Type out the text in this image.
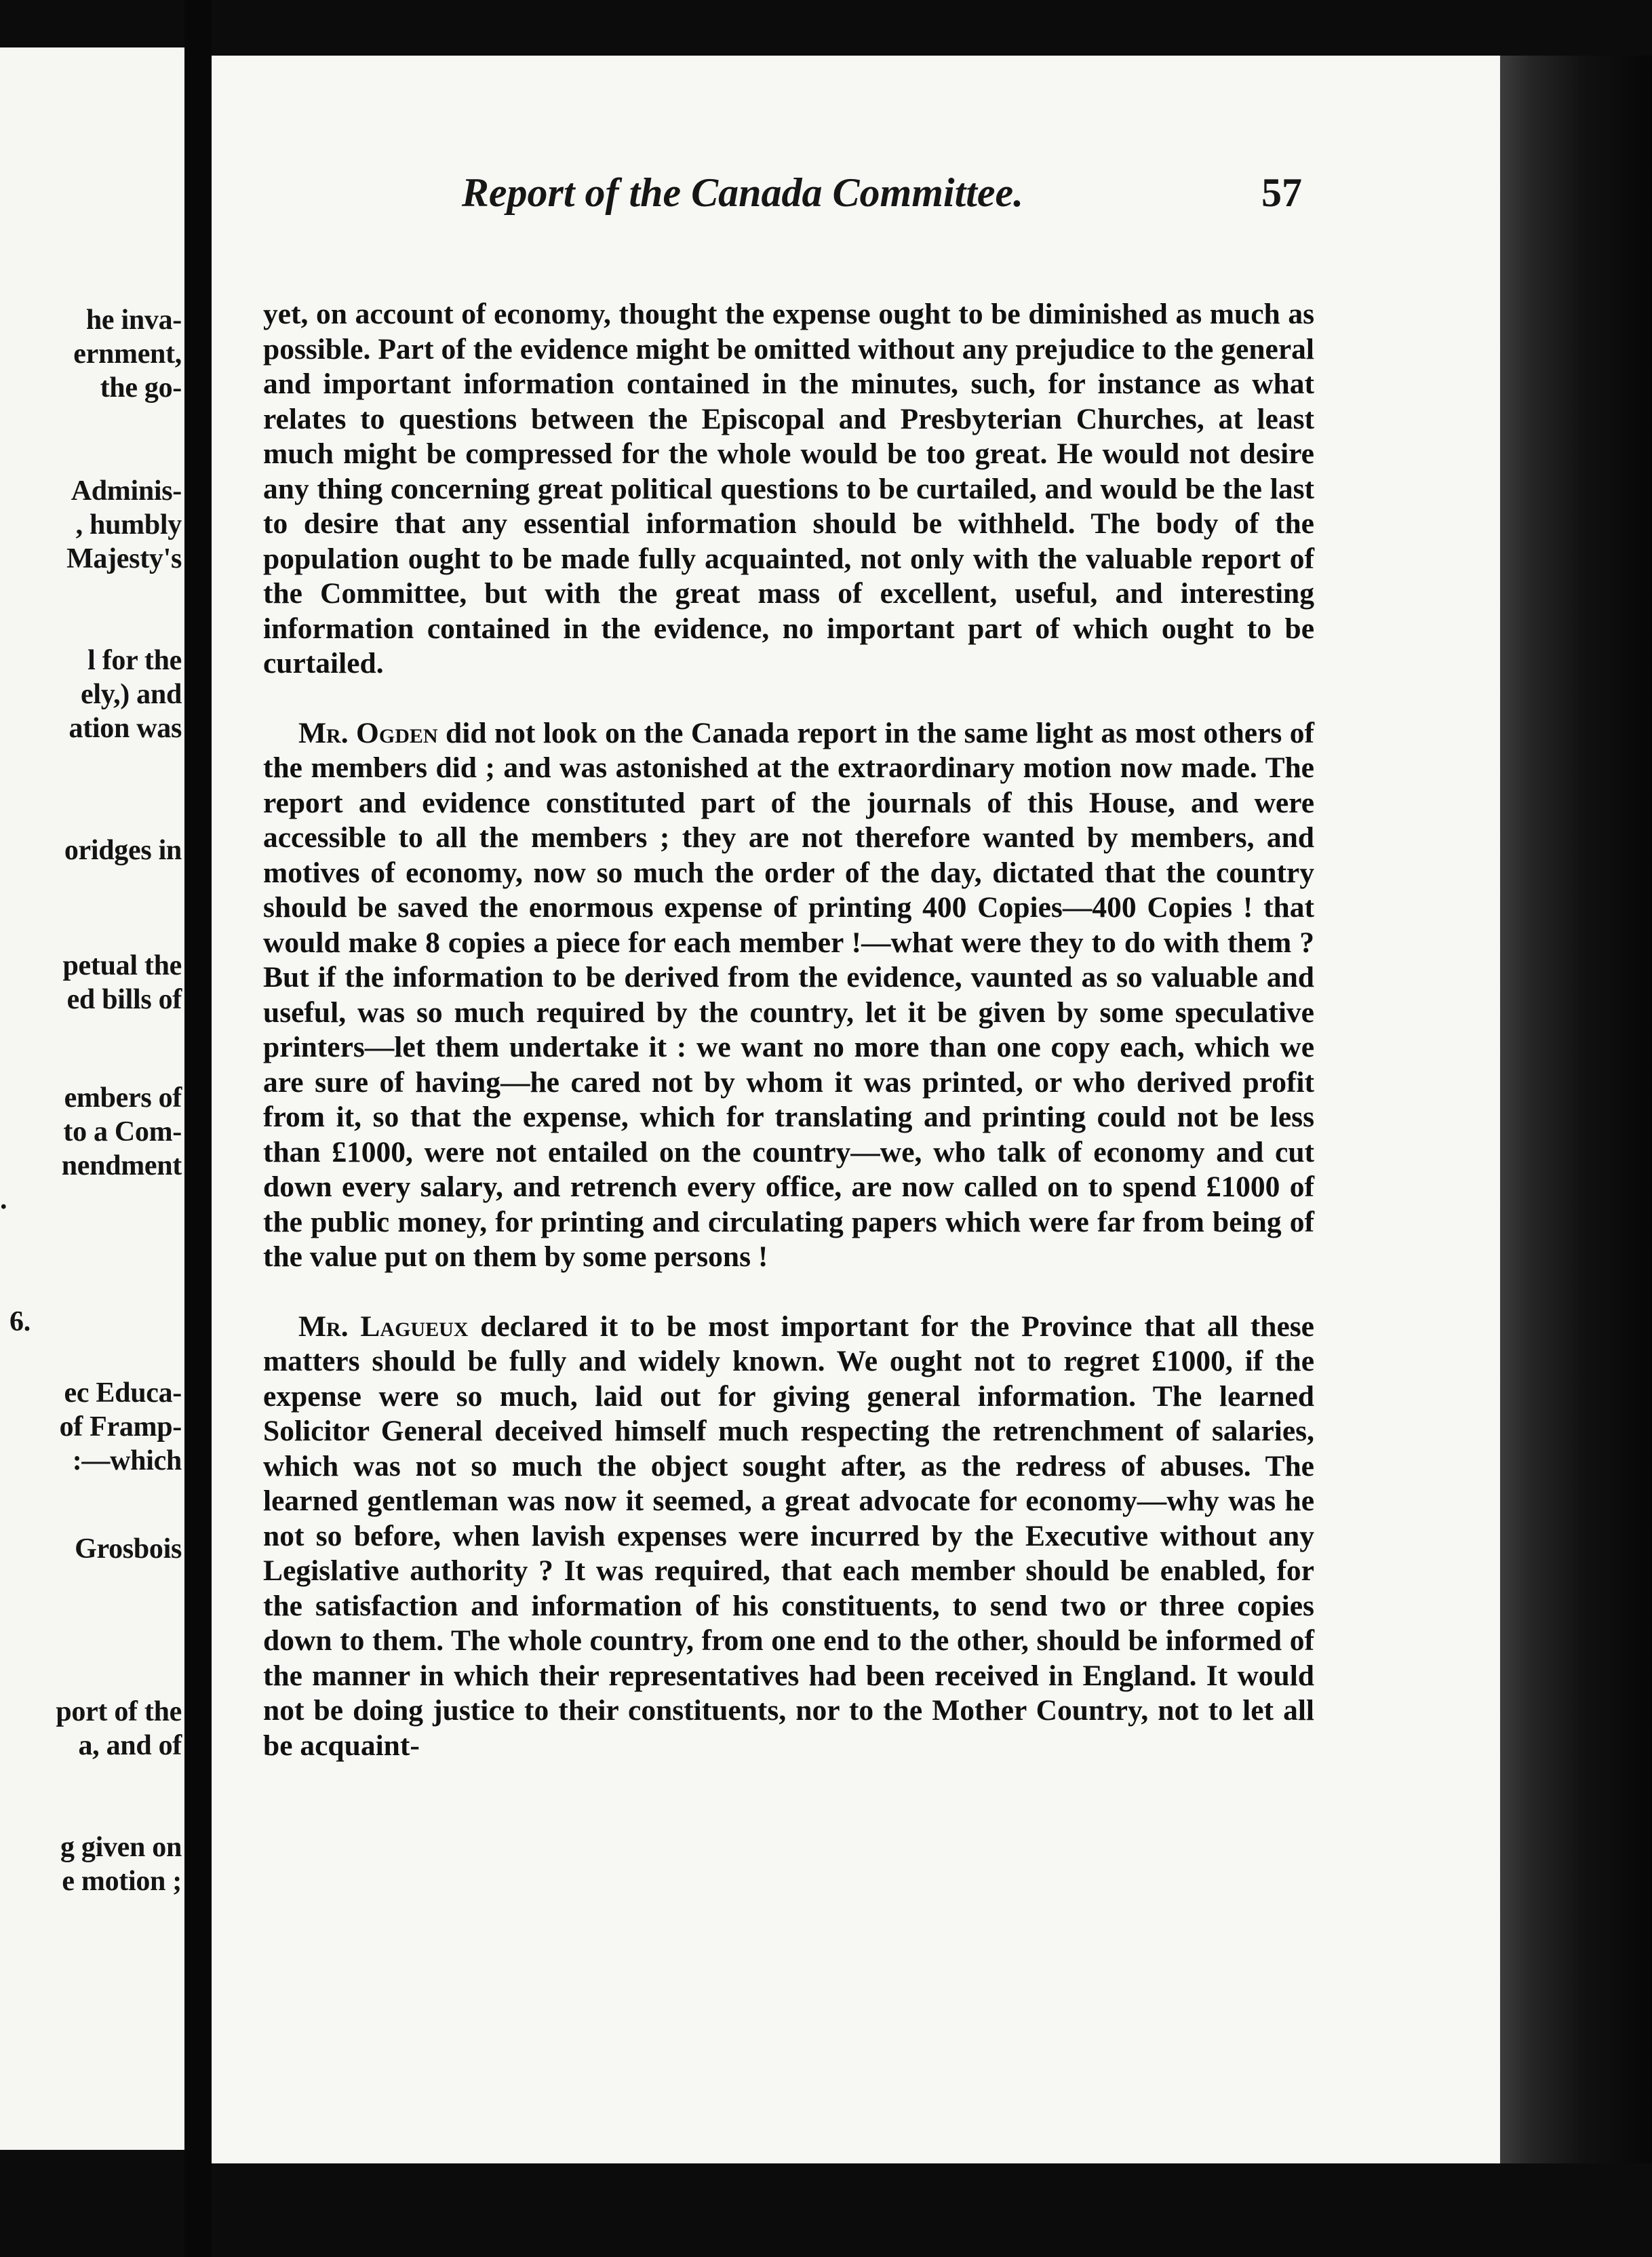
he inva-
ernment,
the go-
Adminis-
, humbly
Majesty's
l for the
ely,) and
ation was
oridges in
petual the
ed bills of
embers of
to a Com-
nendment
.
6.
ec Educa-
of Framp-
:—which
Grosbois
port of the
a, and of
g given on
e motion ;
Report of the Canada Committee.	57

yet, on account of economy, thought the expense ought to be diminished as much as possible. Part of the evidence might be omitted without any prejudice to the general and important information contained in the minutes, such, for instance as what relates to questions between the Episcopal and Presbyterian Churches, at least much might be compressed for the whole would be too great. He would not desire any thing concerning great political questions to be curtailed, and would be the last to desire that any essential information should be withheld. The body of the population ought to be made fully acquainted, not only with the valuable report of the Committee, but with the great mass of excellent, useful, and interesting information contained in the evidence, no important part of which ought to be curtailed.

Mr. Ogden did not look on the Canada report in the same light as most others of the members did ; and was astonished at the extraordinary motion now made. The report and evidence constituted part of the journals of this House, and were accessible to all the members ; they are not therefore wanted by members, and motives of economy, now so much the order of the day, dictated that the country should be saved the enormous expense of printing 400 Copies—400 Copies ! that would make 8 copies a piece for each member !—what were they to do with them ? But if the information to be derived from the evidence, vaunted as so valuable and useful, was so much required by the country, let it be given by some speculative printers—let them undertake it : we want no more than one copy each, which we are sure of having—he cared not by whom it was printed, or who derived profit from it, so that the expense, which for translating and printing could not be less than £1000, were not entailed on the country—we, who talk of economy and cut down every salary, and retrench every office, are now called on to spend £1000 of the public money, for printing and circulating papers which were far from being of the value put on them by some persons !

Mr. Lagueux declared it to be most important for the Province that all these matters should be fully and widely known. We ought not to regret £1000, if the expense were so much, laid out for giving general information. The learned Solicitor General deceived himself much respecting the retrenchment of salaries, which was not so much the object sought after, as the redress of abuses. The learned gentleman was now it seemed, a great advocate for economy—why was he not so before, when lavish expenses were incurred by the Executive without any Legislative authority ? It was required, that each member should be enabled, for the satisfaction and information of his constituents, to send two or three copies down to them. The whole country, from one end to the other, should be informed of the manner in which their representatives had been received in England. It would not be doing justice to their constituents, nor to the Mother Country, not to let all be acquaint-
